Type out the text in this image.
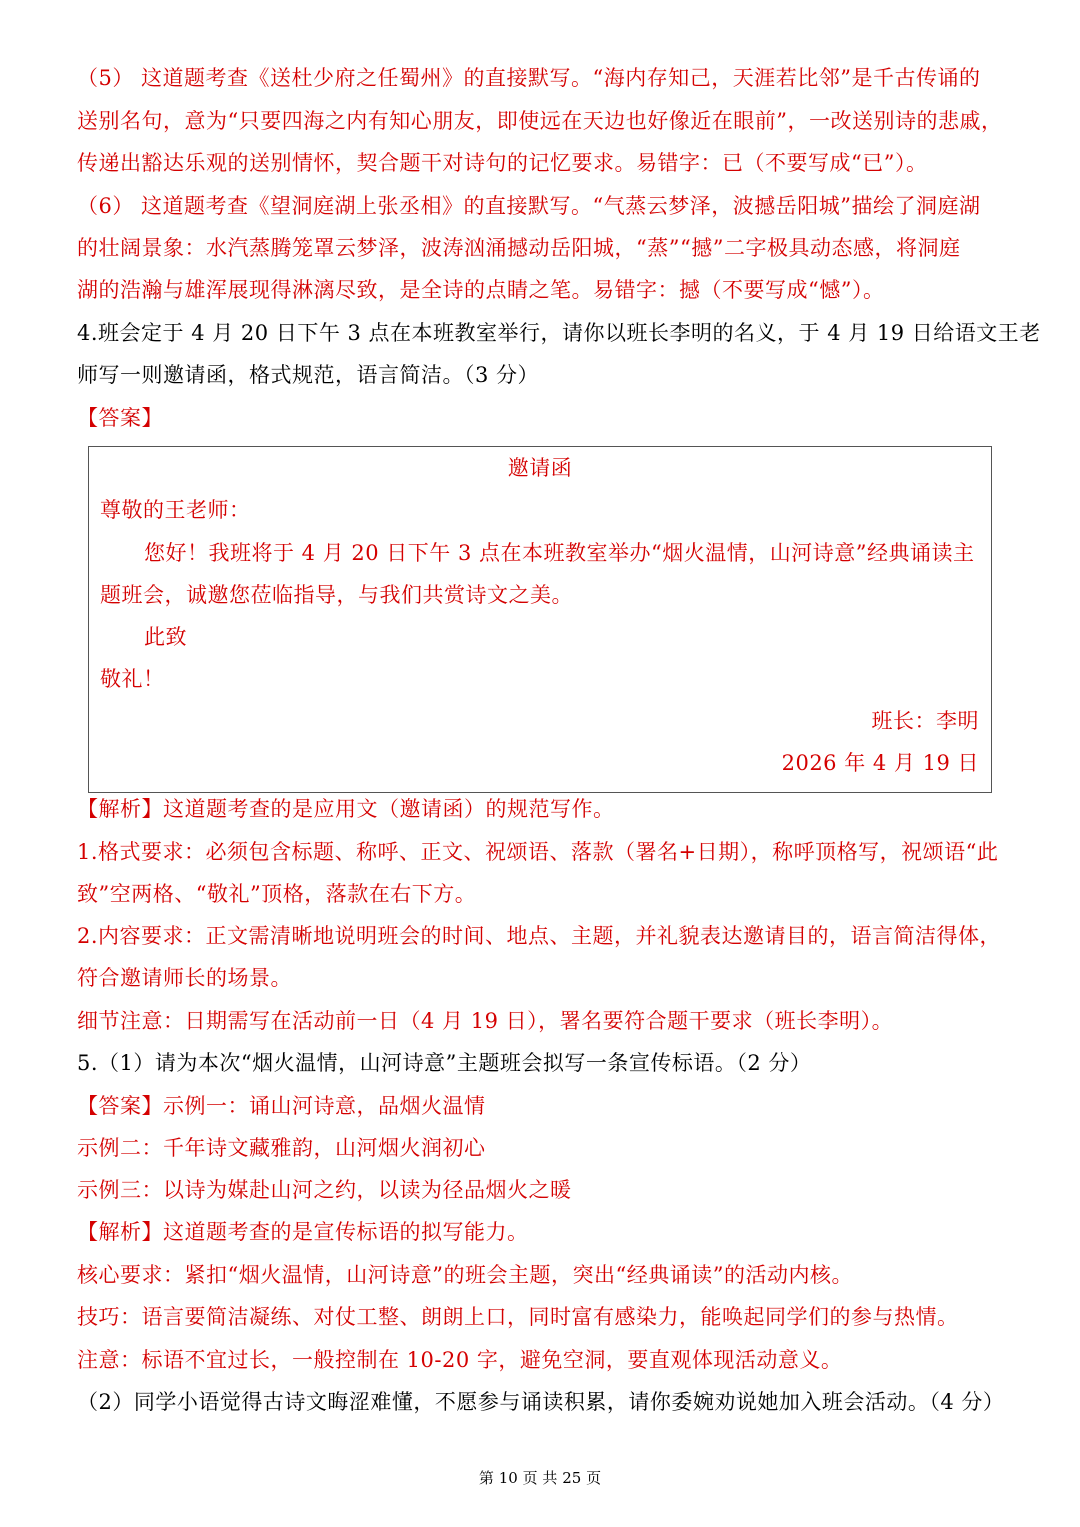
（5） 这道题考查《送杜少府之任蜀州》的直接默写。“海内存知己，天涯若比邻”是千古传诵的
送别名句，意为“只要四海之内有知心朋友，即使远在天边也好像近在眼前”，一改送别诗的悲戚，
传递出豁达乐观的送别情怀，契合题干对诗句的记忆要求。易错字：已（不要写成“已”）。
（6） 这道题考查《望洞庭湖上张丞相》的直接默写。“气蒸云梦泽，波撼岳阳城”描绘了洞庭湖
的壮阔景象：水汽蒸腾笼罩云梦泽，波涛汹涌撼动岳阳城，“蒸”“撼”二字极具动态感，将洞庭
湖的浩瀚与雄浑展现得淋漓尽致，是全诗的点睛之笔。易错字：撼（不要写成“憾”）。
4.班会定于 4 月 20 日下午 3 点在本班教室举行，请你以班长李明的名义，于 4 月 19 日给语文王老
师写一则邀请函，格式规范，语言简洁。（3 分）
【答案】
邀请函
尊敬的王老师：
您好！我班将于 4 月 20 日下午 3 点在本班教室举办“烟火温情，山河诗意”经典诵读主
题班会，诚邀您莅临指导，与我们共赏诗文之美。
此致
敬礼！
班长：李明
2026 年 4 月 19 日
【解析】这道题考查的是应用文（邀请函）的规范写作。
1.格式要求：必须包含标题、称呼、正文、祝颂语、落款（署名+日期），称呼顶格写，祝颂语“此
致”空两格、“敬礼”顶格，落款在右下方。
2.内容要求：正文需清晰地说明班会的时间、地点、主题，并礼貌表达邀请目的，语言简洁得体，
符合邀请师长的场景。
细节注意：日期需写在活动前一日（4 月 19 日），署名要符合题干要求（班长李明）。
5.（1）请为本次“烟火温情，山河诗意”主题班会拟写一条宣传标语。（2 分）
【答案】示例一：诵山河诗意，品烟火温情
示例二：千年诗文藏雅韵，山河烟火润初心
示例三：以诗为媒赴山河之约，以读为径品烟火之暖
【解析】这道题考查的是宣传标语的拟写能力。
核心要求：紧扣“烟火温情，山河诗意”的班会主题，突出“经典诵读”的活动内核。
技巧：语言要简洁凝练、对仗工整、朗朗上口，同时富有感染力，能唤起同学们的参与热情。
注意：标语不宜过长，一般控制在 10-20 字，避免空洞，要直观体现活动意义。
（2）同学小语觉得古诗文晦涩难懂，不愿参与诵读积累，请你委婉劝说她加入班会活动。（4 分）
第 10 页 共 25 页
